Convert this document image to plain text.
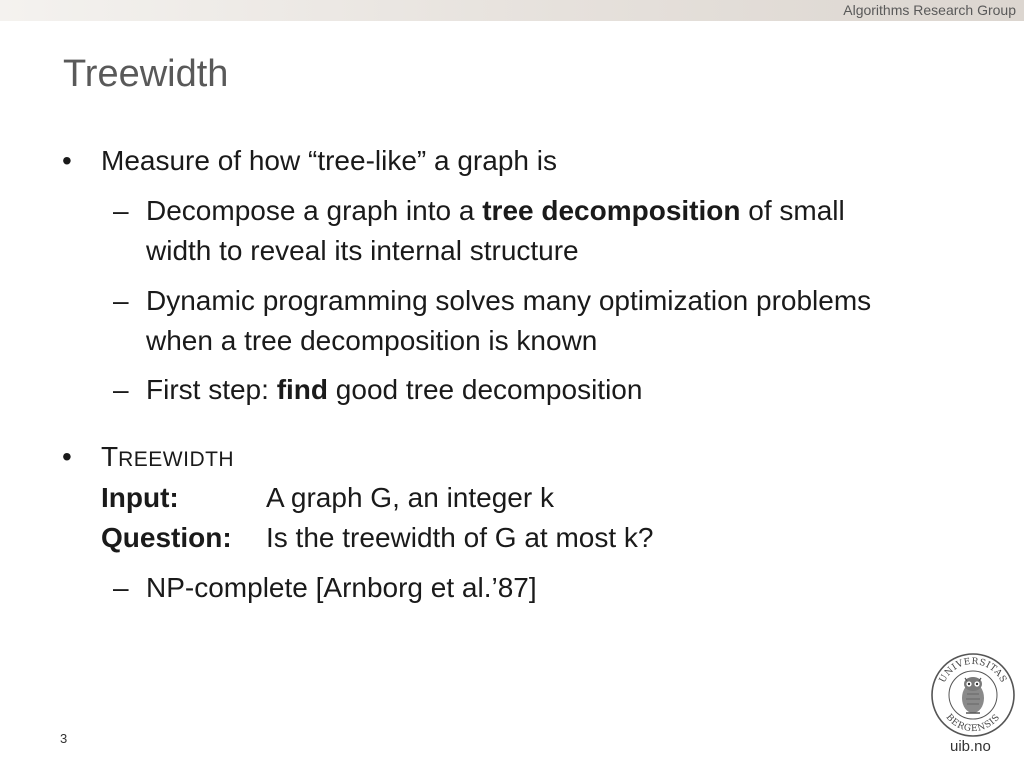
Algorithms Research Group
Treewidth
• Measure of how “tree-like” a graph is
– Decompose a graph into a tree decomposition of small
width to reveal its internal structure
– Dynamic programming solves many optimization problems
when a tree decomposition is known
– First step: find good tree decomposition
• TREEWIDTH
Input:	A graph G, an integer k
Question: Is the treewidth of G at most k?
– NP-complete [Arnborg et al.’87]
3
UNIVERSITAS
BERGENSIS
uib.no
